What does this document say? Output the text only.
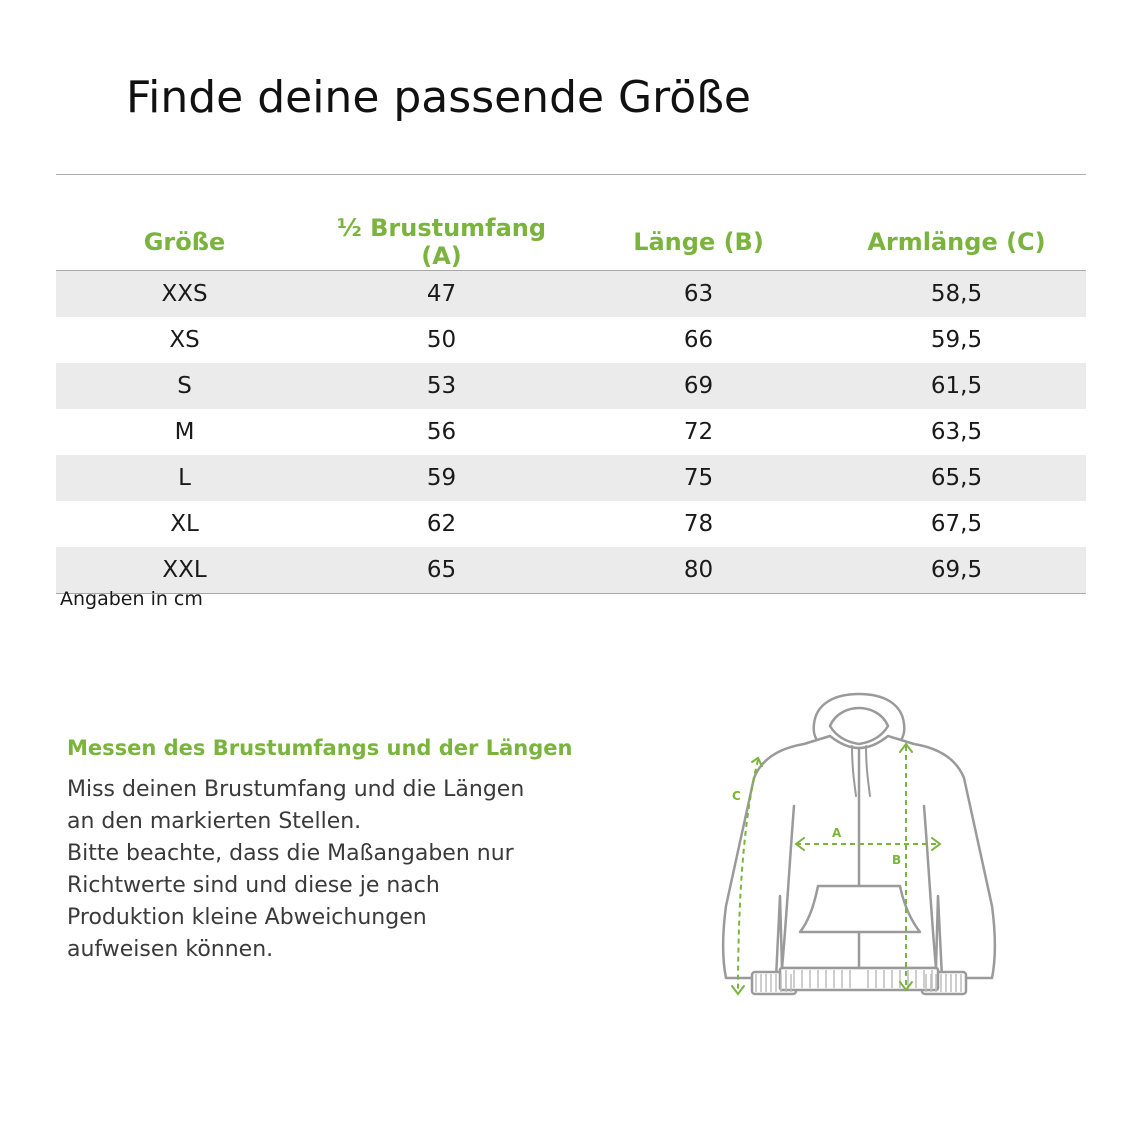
Finde deine passende Größe
Größe	½ Brustumfang (A)	Länge (B)	Armlänge (C)
XXS	47	63	58,5
XS	50	66	59,5
S	53	69	61,5
M	56	72	63,5
L	59	75	65,5
XL	62	78	67,5
XXL	65	80	69,5
Angaben in cm
Messen des Brustumfangs und der Längen
Miss deinen Brustumfang und die Längen
an den markierten Stellen.
Bitte beachte, dass die Maßangaben nur
Richtwerte sind und diese je nach
Produktion kleine Abweichungen
aufweisen können.
A
B
C
